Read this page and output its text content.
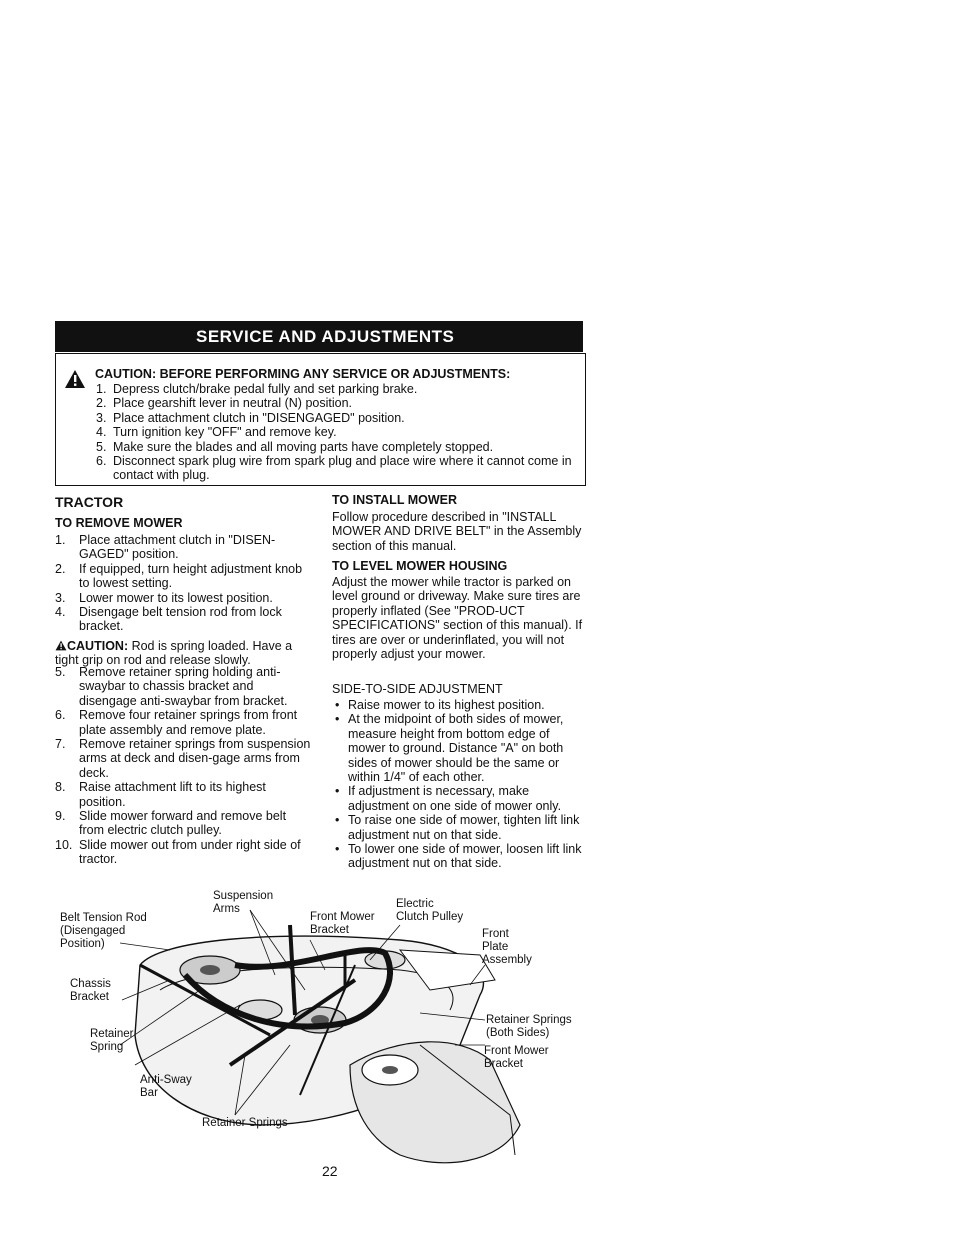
SERVICE AND ADJUSTMENTS
CAUTION: BEFORE PERFORMING ANY SERVICE OR ADJUSTMENTS:
1. Depress clutch/brake pedal fully and set parking brake.
2. Place gearshift lever in neutral (N) position.
3. Place attachment clutch in "DISENGAGED" position.
4. Turn ignition key "OFF" and remove key.
5. Make sure the blades and all moving parts have completely stopped.
6. Disconnect spark plug wire from spark plug and place wire where it cannot come in contact with plug.
TRACTOR
TO REMOVE MOWER
1. Place attachment clutch in "DISEN-GAGED" position.
2. If equipped, turn height adjustment knob to lowest setting.
3. Lower mower to its lowest position.
4. Disengage belt tension rod from lock bracket.
CAUTION: Rod is spring loaded. Have a tight grip on rod and release slowly.
5. Remove retainer spring holding anti-swaybar to chassis bracket and disengage anti-swaybar from bracket.
6. Remove four retainer springs from front plate assembly and remove plate.
7. Remove retainer springs from suspension arms at deck and disen-gage arms from deck.
8. Raise attachment lift to its highest position.
9. Slide mower forward and remove belt from electric clutch pulley.
10. Slide mower out from under right side of tractor.
TO INSTALL MOWER
Follow procedure described in "INSTALL MOWER AND DRIVE BELT" in the Assembly section of this manual.
TO LEVEL MOWER HOUSING
Adjust the mower while tractor is parked on level ground or driveway. Make sure tires are properly inflated (See "PROD-UCT SPECIFICATIONS" section of this manual). If tires are over or underinflated, you will not properly adjust your mower.
SIDE-TO-SIDE ADJUSTMENT
• Raise mower to its highest position.
• At the midpoint of both sides of mower, measure height from bottom edge of mower to ground. Distance "A" on both sides of mower should be the same or within 1/4" of each other.
• If adjustment is necessary, make adjustment on one side of mower only.
• To raise one side of mower, tighten lift link adjustment nut on that side.
• To lower one side of mower, loosen lift link adjustment nut on that side.
Belt Tension Rod
(Disengaged
Position)
Suspension
Arms
Front Mower
Bracket
Electric
Clutch Pulley
Front
Plate
Assembly
Chassis
Bracket
Retainer Springs
(Both Sides)
Retainer
Spring	Front Mower
Bracket
Anti-Sway
Bar
Retainer Springs
22
